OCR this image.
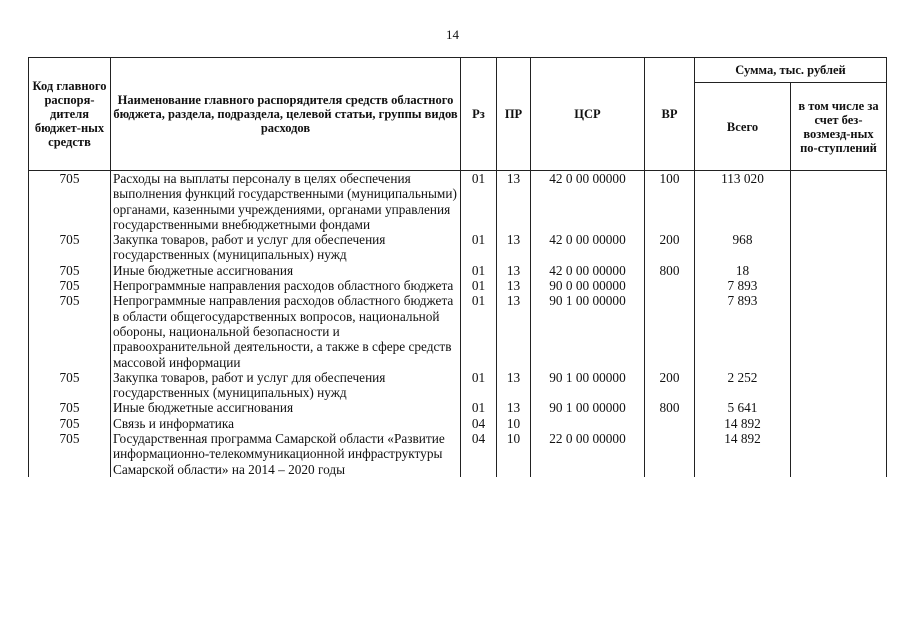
14
Код главного распоря-дителя бюджет-ных средств	Наименование главного распорядителя средств областного бюджета, раздела, подраздела, целевой статьи, группы видов расходов	Рз	ПР	ЦСР	ВР	Сумма, тыс. рублей	
						Всего	в том числе за счет без-возмезд-ных по-ступлений
705	Расходы на выплаты персоналу в целях обеспечения выполнения функций государственными (муниципальными) органами, казенными учреждениями, органами управления государственными внебюджетными фондами	01	13	42 0 00 00000	100	113 020	
705	Закупка товаров, работ и услуг для обеспечения государственных (муниципальных) нужд	01	13	42 0 00 00000	200	968	
705	Иные бюджетные ассигнования	01	13	42 0 00 00000	800	18	
705	Непрограммные направления расходов областного бюджета	01	13	90 0 00 00000		7 893	
705	Непрограммные направления расходов областного бюджета в области общегосударственных вопросов, национальной обороны, национальной безопасности и правоохранительной деятельности, а также в сфере средств массовой информации	01	13	90 1 00 00000		7 893	
705	Закупка товаров, работ и услуг для обеспечения государственных (муниципальных) нужд	01	13	90 1 00 00000	200	2 252	
705	Иные бюджетные ассигнования	01	13	90 1 00 00000	800	5 641	
705	Связь и информатика	04	10			14 892	
705	Государственная программа Самарской области «Развитие информационно-телекоммуникационной инфраструктуры Самарской области» на 2014 – 2020 годы	04	10	22 0 00 00000		14 892	
